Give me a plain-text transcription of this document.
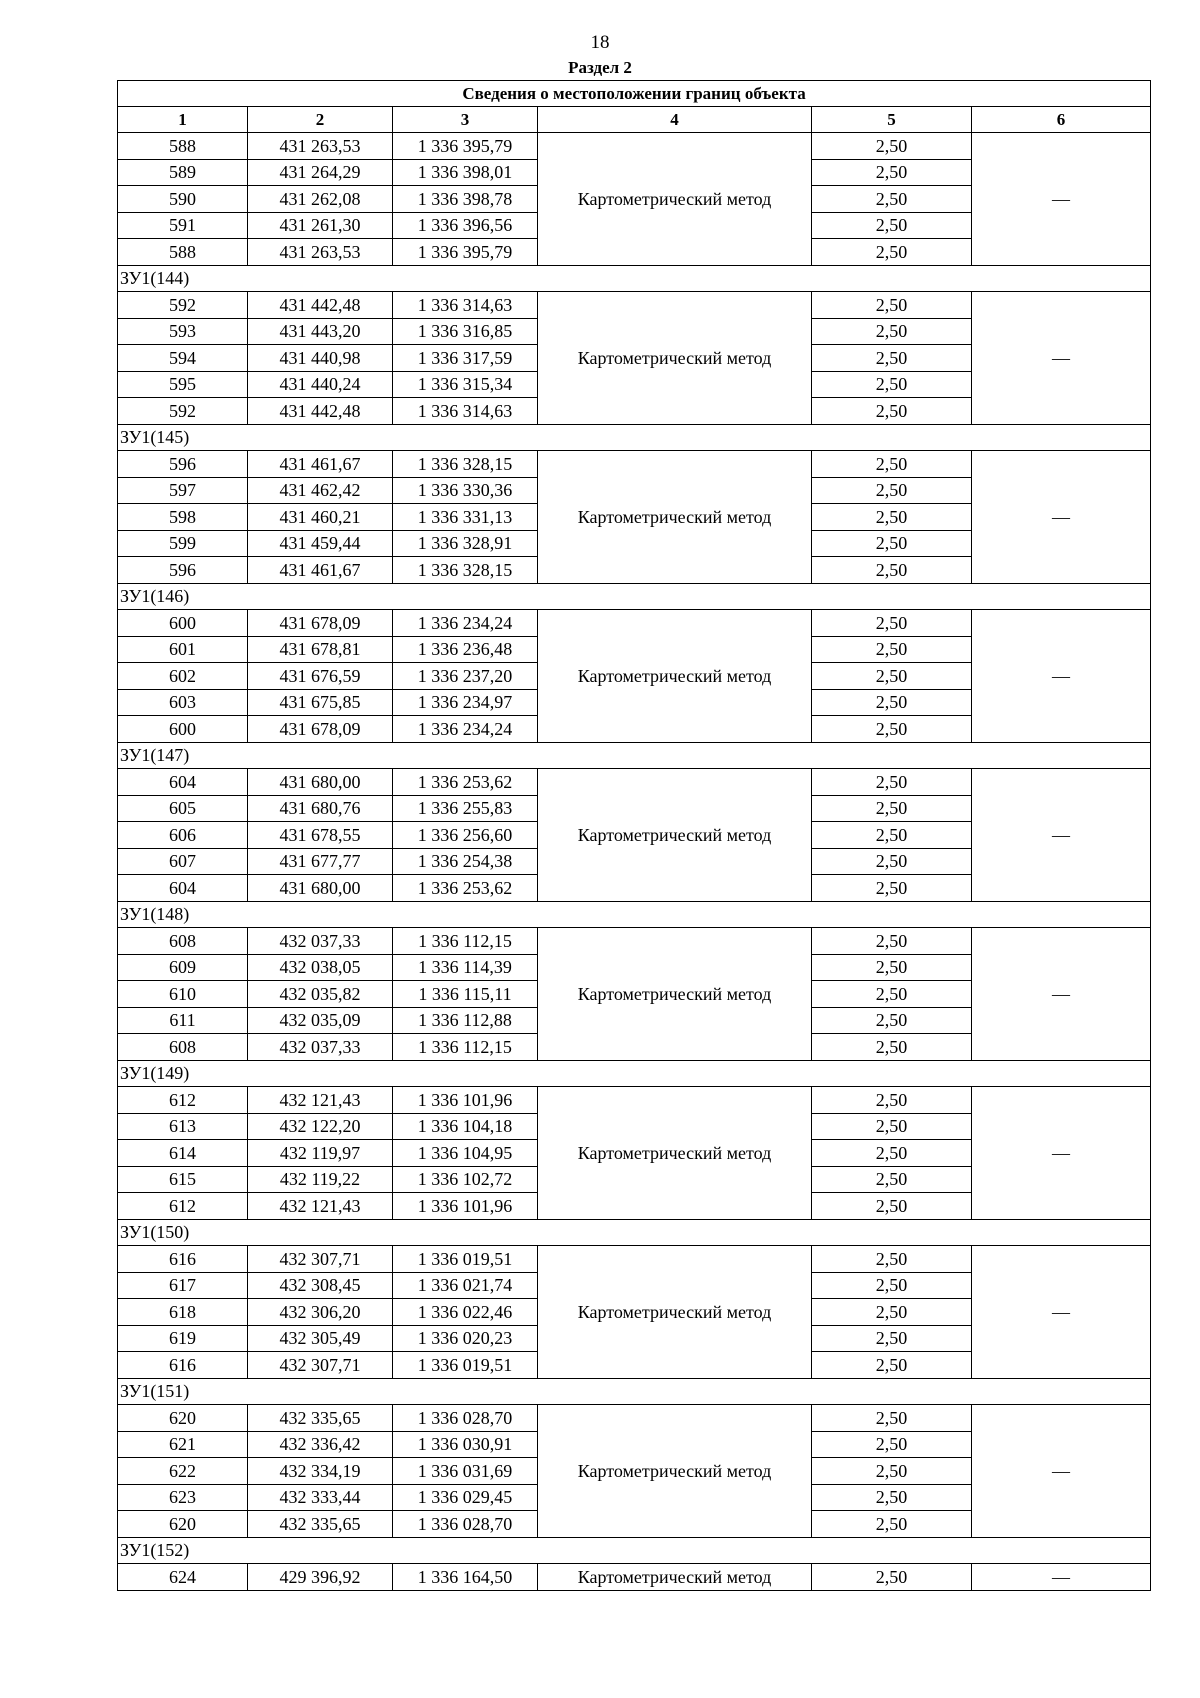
18
Раздел 2
Сведения о местоположении границ объекта					
1	2	3	4	5	6
588	431 263,53	1 336 395,79	Картометрический метод	2,50	—
589	431 264,29	1 336 398,01		2,50	
590	431 262,08	1 336 398,78		2,50	
591	431 261,30	1 336 396,56		2,50	
588	431 263,53	1 336 395,79		2,50	
ЗУ1(144)					
592	431 442,48	1 336 314,63	Картометрический метод	2,50	—
593	431 443,20	1 336 316,85		2,50	
594	431 440,98	1 336 317,59		2,50	
595	431 440,24	1 336 315,34		2,50	
592	431 442,48	1 336 314,63		2,50	
ЗУ1(145)					
596	431 461,67	1 336 328,15	Картометрический метод	2,50	—
597	431 462,42	1 336 330,36		2,50	
598	431 460,21	1 336 331,13		2,50	
599	431 459,44	1 336 328,91		2,50	
596	431 461,67	1 336 328,15		2,50	
ЗУ1(146)					
600	431 678,09	1 336 234,24	Картометрический метод	2,50	—
601	431 678,81	1 336 236,48		2,50	
602	431 676,59	1 336 237,20		2,50	
603	431 675,85	1 336 234,97		2,50	
600	431 678,09	1 336 234,24		2,50	
ЗУ1(147)					
604	431 680,00	1 336 253,62	Картометрический метод	2,50	—
605	431 680,76	1 336 255,83		2,50	
606	431 678,55	1 336 256,60		2,50	
607	431 677,77	1 336 254,38		2,50	
604	431 680,00	1 336 253,62		2,50	
ЗУ1(148)					
608	432 037,33	1 336 112,15	Картометрический метод	2,50	—
609	432 038,05	1 336 114,39		2,50	
610	432 035,82	1 336 115,11		2,50	
611	432 035,09	1 336 112,88		2,50	
608	432 037,33	1 336 112,15		2,50	
ЗУ1(149)					
612	432 121,43	1 336 101,96	Картометрический метод	2,50	—
613	432 122,20	1 336 104,18		2,50	
614	432 119,97	1 336 104,95		2,50	
615	432 119,22	1 336 102,72		2,50	
612	432 121,43	1 336 101,96		2,50	
ЗУ1(150)					
616	432 307,71	1 336 019,51	Картометрический метод	2,50	—
617	432 308,45	1 336 021,74		2,50	
618	432 306,20	1 336 022,46		2,50	
619	432 305,49	1 336 020,23		2,50	
616	432 307,71	1 336 019,51		2,50	
ЗУ1(151)					
620	432 335,65	1 336 028,70	Картометрический метод	2,50	—
621	432 336,42	1 336 030,91		2,50	
622	432 334,19	1 336 031,69		2,50	
623	432 333,44	1 336 029,45		2,50	
620	432 335,65	1 336 028,70		2,50	
ЗУ1(152)					
624	429 396,92	1 336 164,50	Картометрический метод	2,50	—
